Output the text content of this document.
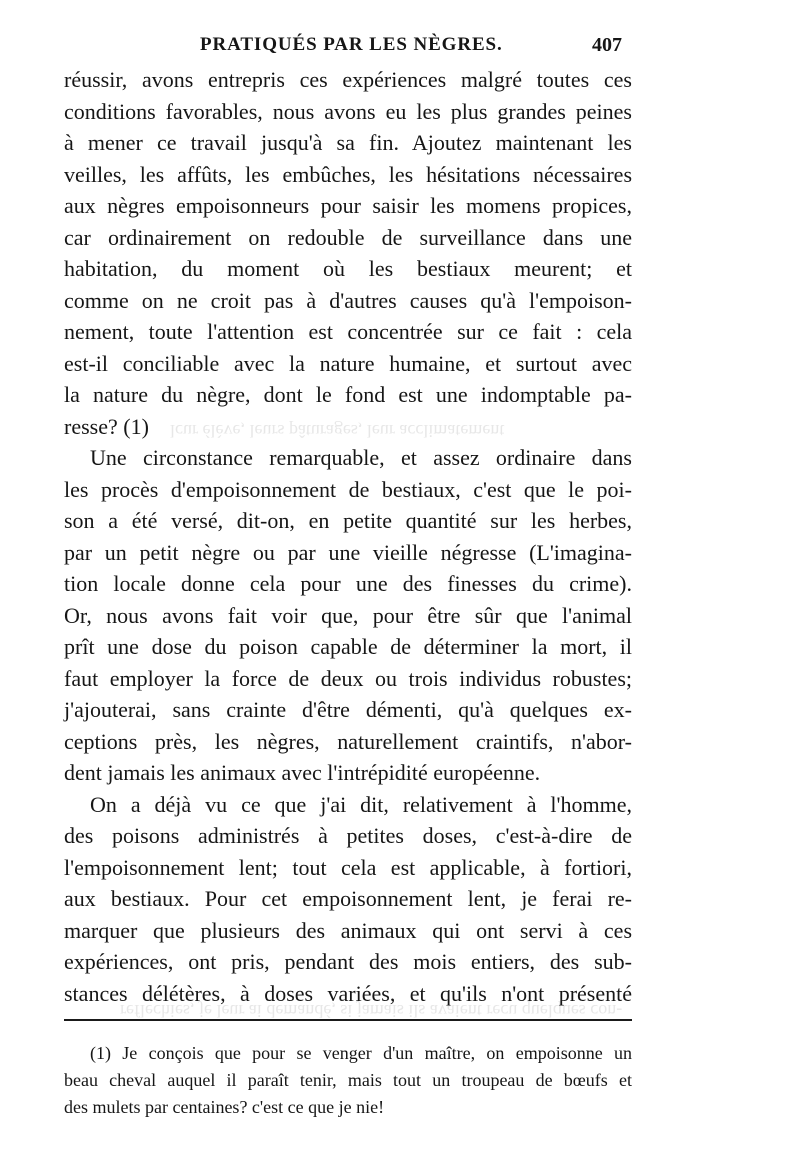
PRATIQUÉS PAR LES NÈGRES.	407
lcur élève, leurs pâturages, leur acclimatement
reflechies, je leur ai demandé, si jamais ils avaient recu quelques con-
réussir, avons entrepris ces expériences malgré toutes ces
conditions favorables, nous avons eu les plus grandes peines
à mener ce travail jusqu'à sa fin. Ajoutez maintenant les
veilles, les affûts, les embûches, les hésitations nécessaires
aux nègres empoisonneurs pour saisir les momens propices,
car ordinairement on redouble de surveillance dans une
habitation, du moment où les bestiaux meurent; et
comme on ne croit pas à d'autres causes qu'à l'empoison-
nement, toute l'attention est concentrée sur ce fait : cela
est-il conciliable avec la nature humaine, et surtout avec
la nature du nègre, dont le fond est une indomptable pa-
resse? (1)
Une circonstance remarquable, et assez ordinaire dans
les procès d'empoisonnement de bestiaux, c'est que le poi-
son a été versé, dit-on, en petite quantité sur les herbes,
par un petit nègre ou par une vieille négresse (L'imagina-
tion locale donne cela pour une des finesses du crime).
Or, nous avons fait voir que, pour être sûr que l'animal
prît une dose du poison capable de déterminer la mort, il
faut employer la force de deux ou trois individus robustes;
j'ajouterai, sans crainte d'être démenti, qu'à quelques ex-
ceptions près, les nègres, naturellement craintifs, n'abor-
dent jamais les animaux avec l'intrépidité européenne.
On a déjà vu ce que j'ai dit, relativement à l'homme,
des poisons administrés à petites doses, c'est-à-dire de
l'empoisonnement lent; tout cela est applicable, à fortiori,
aux bestiaux. Pour cet empoisonnement lent, je ferai re-
marquer que plusieurs des animaux qui ont servi à ces
expériences, ont pris, pendant des mois entiers, des sub-
stances délétères, à doses variées, et qu'ils n'ont présenté
(1) Je conçois que pour se venger d'un maître, on empoisonne un
beau cheval auquel il paraît tenir, mais tout un troupeau de bœufs et
des mulets par centaines? c'est ce que je nie!
